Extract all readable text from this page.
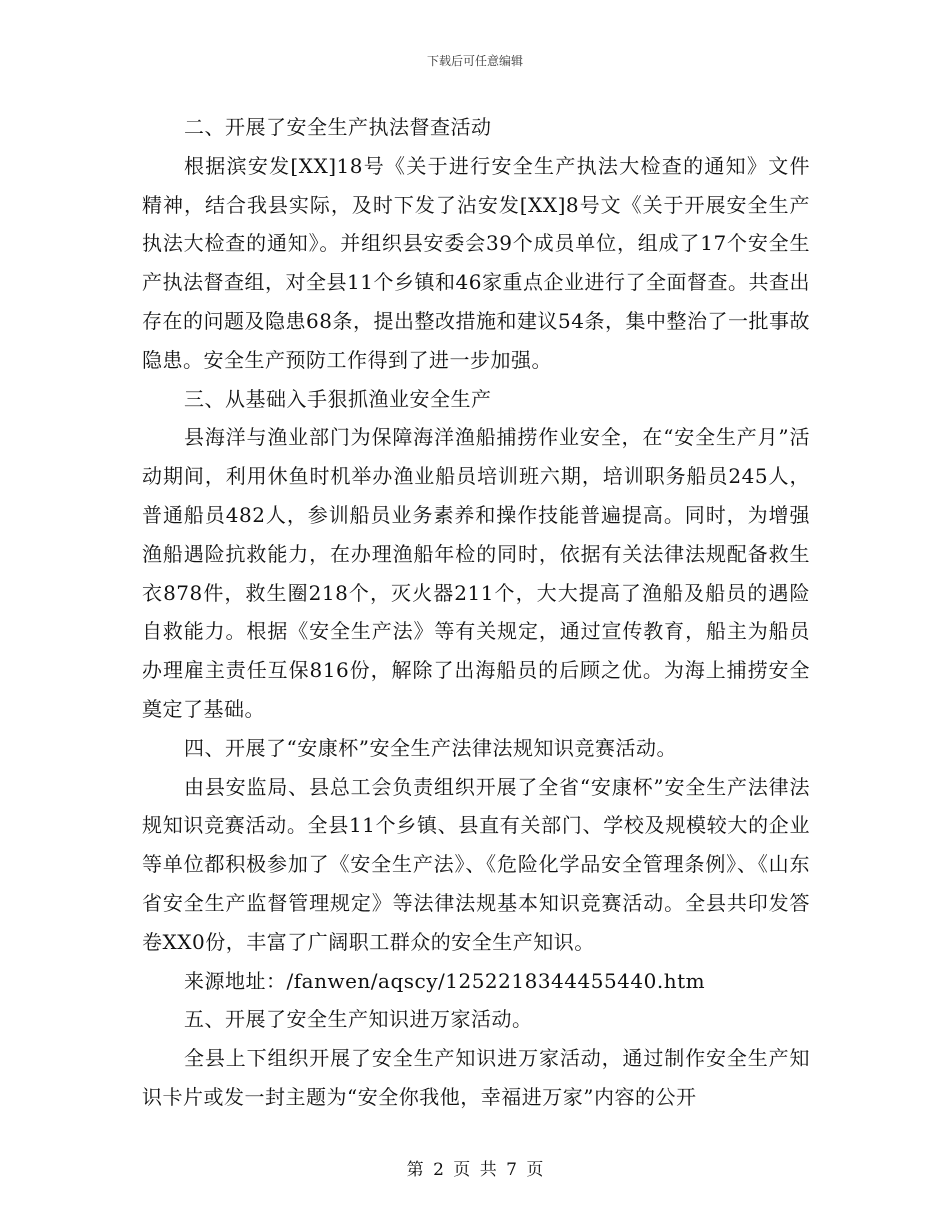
下载后可任意编辑

二、开展了安全生产执法督查活动

根据滨安发[XX]18号《关于进行安全生产执法大检查的通知》文件精神，结合我县实际，及时下发了沾安发[XX]8号文《关于开展安全生产执法大检查的通知》。并组织县安委会39个成员单位，组成了17个安全生产执法督查组，对全县11个乡镇和46家重点企业进行了全面督查。共查出存在的问题及隐患68条，提出整改措施和建议54条，集中整治了一批事故隐患。安全生产预防工作得到了进一步加强。

三、从基础入手狠抓渔业安全生产

县海洋与渔业部门为保障海洋渔船捕捞作业安全，在“安全生产月”活动期间，利用休鱼时机举办渔业船员培训班六期，培训职务船员245人，普通船员482人，参训船员业务素养和操作技能普遍提高。同时，为增强渔船遇险抗救能力，在办理渔船年检的同时，依据有关法律法规配备救生衣878件，救生圈218个，灭火器211个，大大提高了渔船及船员的遇险自救能力。根据《安全生产法》等有关规定，通过宣传教育，船主为船员办理雇主责任互保816份，解除了出海船员的后顾之优。为海上捕捞安全奠定了基础。

四、开展了“安康杯”安全生产法律法规知识竞赛活动。

由县安监局、县总工会负责组织开展了全省“安康杯”安全生产法律法规知识竞赛活动。全县11个乡镇、县直有关部门、学校及规模较大的企业等单位都积极参加了《安全生产法》、《危险化学品安全管理条例》、《山东省安全生产监督管理规定》等法律法规基本知识竞赛活动。全县共印发答卷XX0份，丰富了广阔职工群众的安全生产知识。

来源地址：/fanwen/aqscy/1252218344455440.htm

五、开展了安全生产知识进万家活动。

全县上下组织开展了安全生产知识进万家活动，通过制作安全生产知识卡片或发一封主题为“安全你我他，幸福进万家”内容的公开

第 2 页 共 7 页
